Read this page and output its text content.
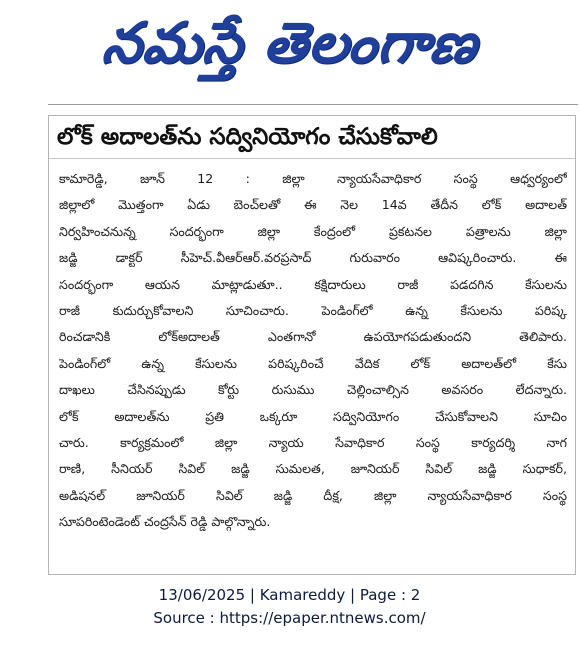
నమస్తే తెలంగాణ
లోక్ అదాలత్‌ను సద్వినియోగం చేసుకోవాలి
కామారెడ్డి, జూన్ 12 : జిల్లా న్యాయసేవాధికార సంస్థ ఆధ్వర్యంలో
జిల్లాలో మొత్తంగా ఏడు బెంచ్‌లతో ఈ నెల 14వ తేదీన లోక్ అదాలత్
నిర్వహించనున్న సందర్భంగా జిల్లా కేంద్రంలో ప్రకటనల పత్రాలను జిల్లా
జడ్జి డాక్టర్ సీహెచ్.వీఆర్ఆర్.వరప్రసాద్ గురువారం ఆవిష్కరించారు. ఈ
సందర్భంగా ఆయన మాట్లాడుతూ.. కక్షిదారులు రాజీ పడదగిన కేసులను
రాజీ కుదుర్చుకోవాలని సూచించారు. పెండింగ్‌లో ఉన్న కేసులను పరిష్క
రించడానికి లోక్‌అదాలత్ ఎంతగానో ఉపయోగపడుతుందని తెలిపారు.
పెండింగ్‌లో ఉన్న కేసులను పరిష్కరించే వేదిక లోక్ అదాలత్‌లో కేసు
దాఖలు చేసినప్పుడు కోర్టు రుసుము చెల్లించాల్సిన అవసరం లేదన్నారు.
లోక్ అదాలత్‌ను ప్రతి ఒక్కరూ సద్వినియోగం చేసుకోవాలని సూచిం
చారు. కార్యక్రమంలో జిల్లా న్యాయ సేవాధికార సంస్థ కార్యదర్శి నాగ
రాణి, సీనియర్ సివిల్ జడ్జి సుమలత, జూనియర్ సివిల్ జడ్జి సుధాకర్,
అడిషనల్ జూనియర్ సివిల్ జడ్జి దీక్ష, జిల్లా న్యాయసేవాధికార సంస్థ
సూపరింటెండెంట్ చంద్రసేన్ రెడ్డి పాల్గొన్నారు.
13/06/2025 | Kamareddy | Page : 2
Source : https://epaper.ntnews.com/
